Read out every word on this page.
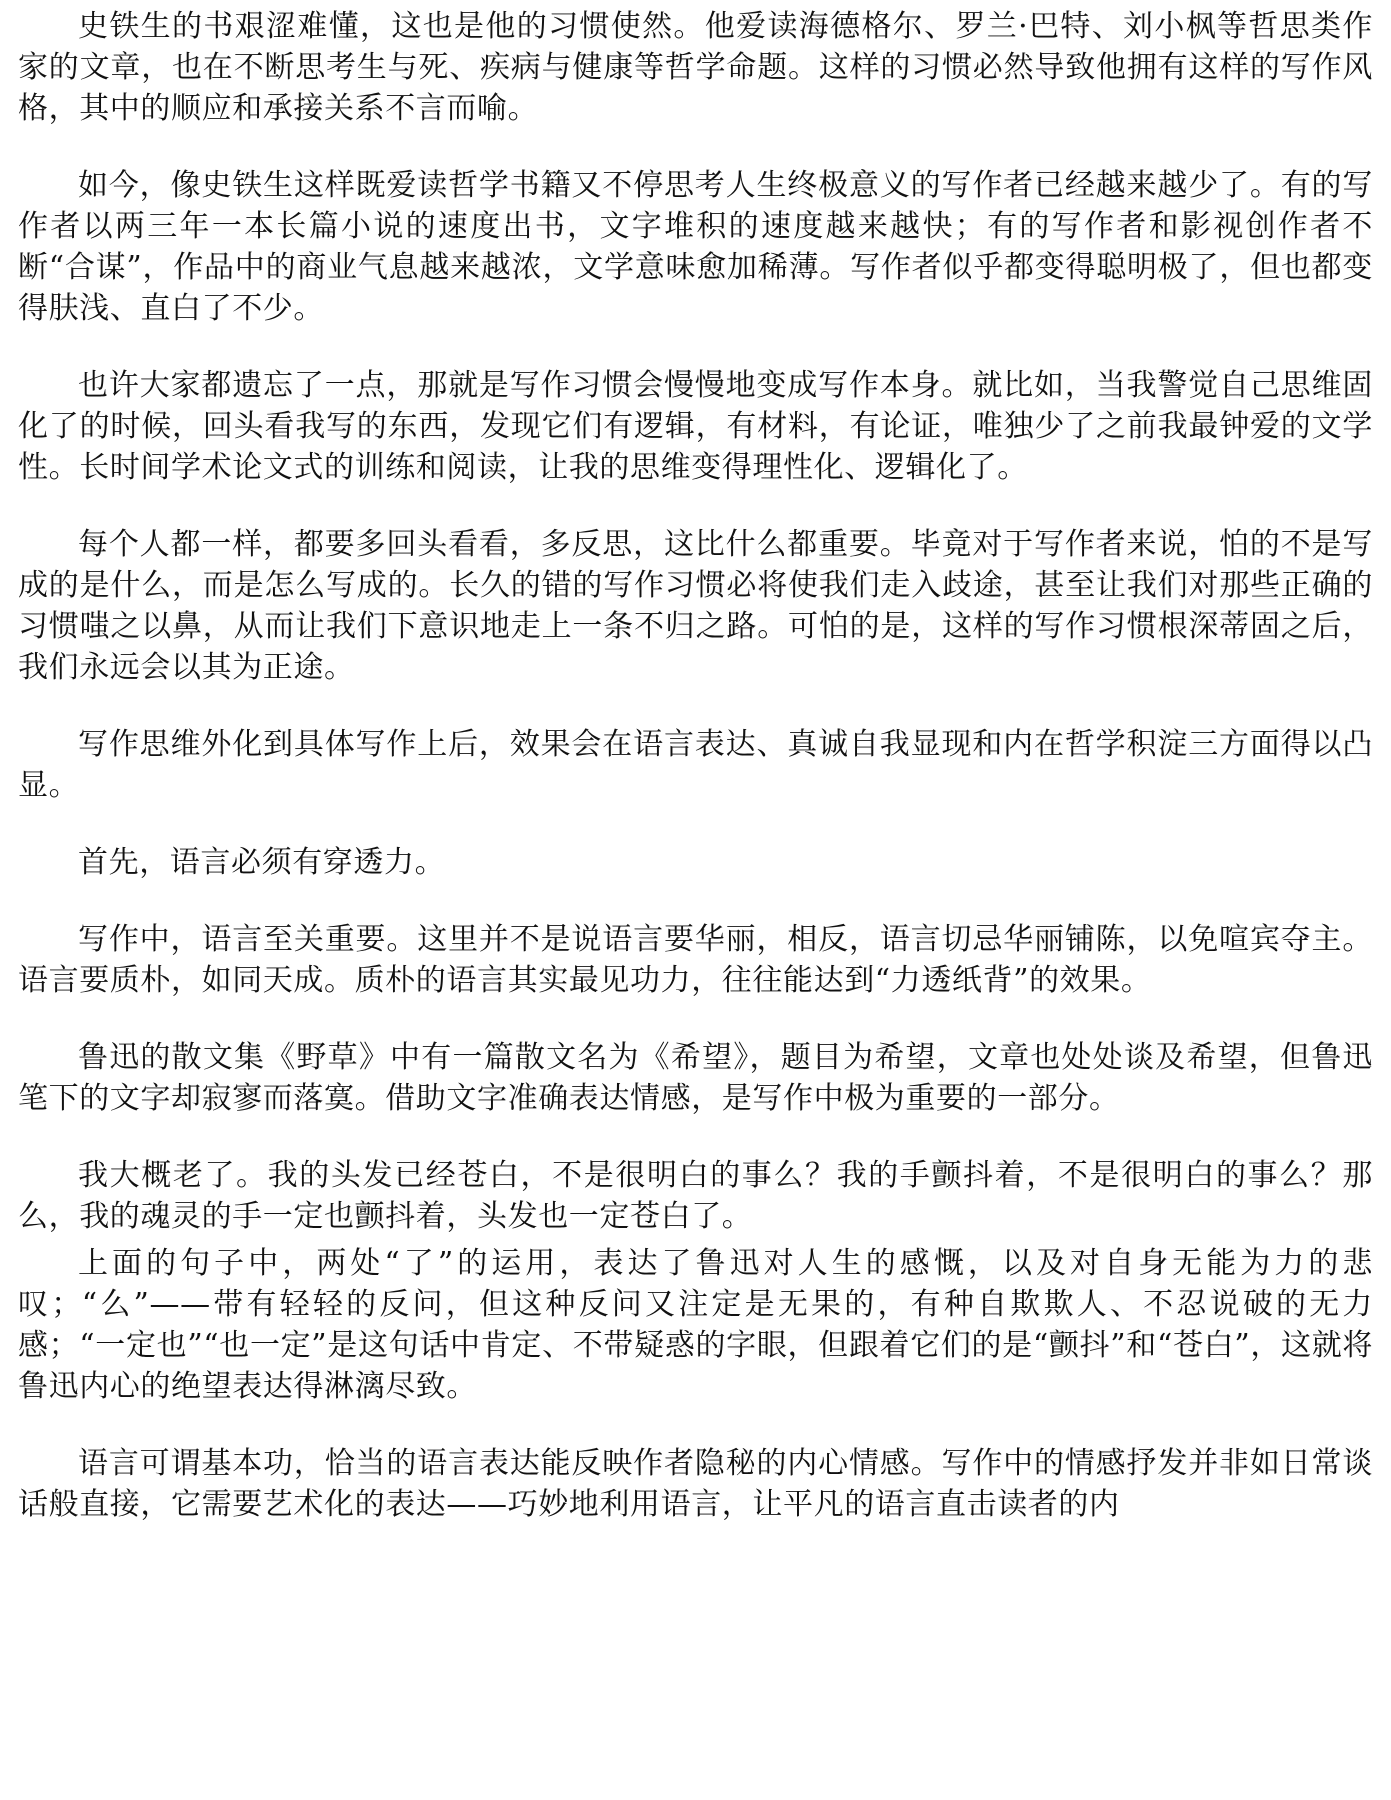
史铁生的书艰涩难懂，这也是他的习惯使然。他爱读海德格尔、罗兰·巴特、刘小枫等哲思类作家的文章，也在不断思考生与死、疾病与健康等哲学命题。这样的习惯必然导致他拥有这样的写作风格，其中的顺应和承接关系不言而喻。

如今，像史铁生这样既爱读哲学书籍又不停思考人生终极意义的写作者已经越来越少了。有的写作者以两三年一本长篇小说的速度出书，文字堆积的速度越来越快；有的写作者和影视创作者不断“合谋”，作品中的商业气息越来越浓，文学意味愈加稀薄。写作者似乎都变得聪明极了，但也都变得肤浅、直白了不少。

也许大家都遗忘了一点，那就是写作习惯会慢慢地变成写作本身。就比如，当我警觉自己思维固化了的时候，回头看我写的东西，发现它们有逻辑，有材料，有论证，唯独少了之前我最钟爱的文学性。长时间学术论文式的训练和阅读，让我的思维变得理性化、逻辑化了。

每个人都一样，都要多回头看看，多反思，这比什么都重要。毕竟对于写作者来说，怕的不是写成的是什么，而是怎么写成的。长久的错的写作习惯必将使我们走入歧途，甚至让我们对那些正确的习惯嗤之以鼻，从而让我们下意识地走上一条不归之路。可怕的是，这样的写作习惯根深蒂固之后，我们永远会以其为正途。

写作思维外化到具体写作上后，效果会在语言表达、真诚自我显现和内在哲学积淀三方面得以凸显。

首先，语言必须有穿透力。

写作中，语言至关重要。这里并不是说语言要华丽，相反，语言切忌华丽铺陈，以免喧宾夺主。语言要质朴，如同天成。质朴的语言其实最见功力，往往能达到“力透纸背”的效果。

鲁迅的散文集《野草》中有一篇散文名为《希望》，题目为希望，文章也处处谈及希望，但鲁迅笔下的文字却寂寥而落寞。借助文字准确表达情感，是写作中极为重要的一部分。

我大概老了。我的头发已经苍白，不是很明白的事么？我的手颤抖着，不是很明白的事么？那么，我的魂灵的手一定也颤抖着，头发也一定苍白了。

上面的句子中，两处“了”的运用，表达了鲁迅对人生的感慨，以及对自身无能为力的悲叹；“么”——带有轻轻的反问，但这种反问又注定是无果的，有种自欺欺人、不忍说破的无力感；“一定也”“也一定”是这句话中肯定、不带疑惑的字眼，但跟着它们的是“颤抖”和“苍白”，这就将鲁迅内心的绝望表达得淋漓尽致。

语言可谓基本功，恰当的语言表达能反映作者隐秘的内心情感。写作中的情感抒发并非如日常谈话般直接，它需要艺术化的表达——巧妙地利用语言，让平凡的语言直击读者的内
